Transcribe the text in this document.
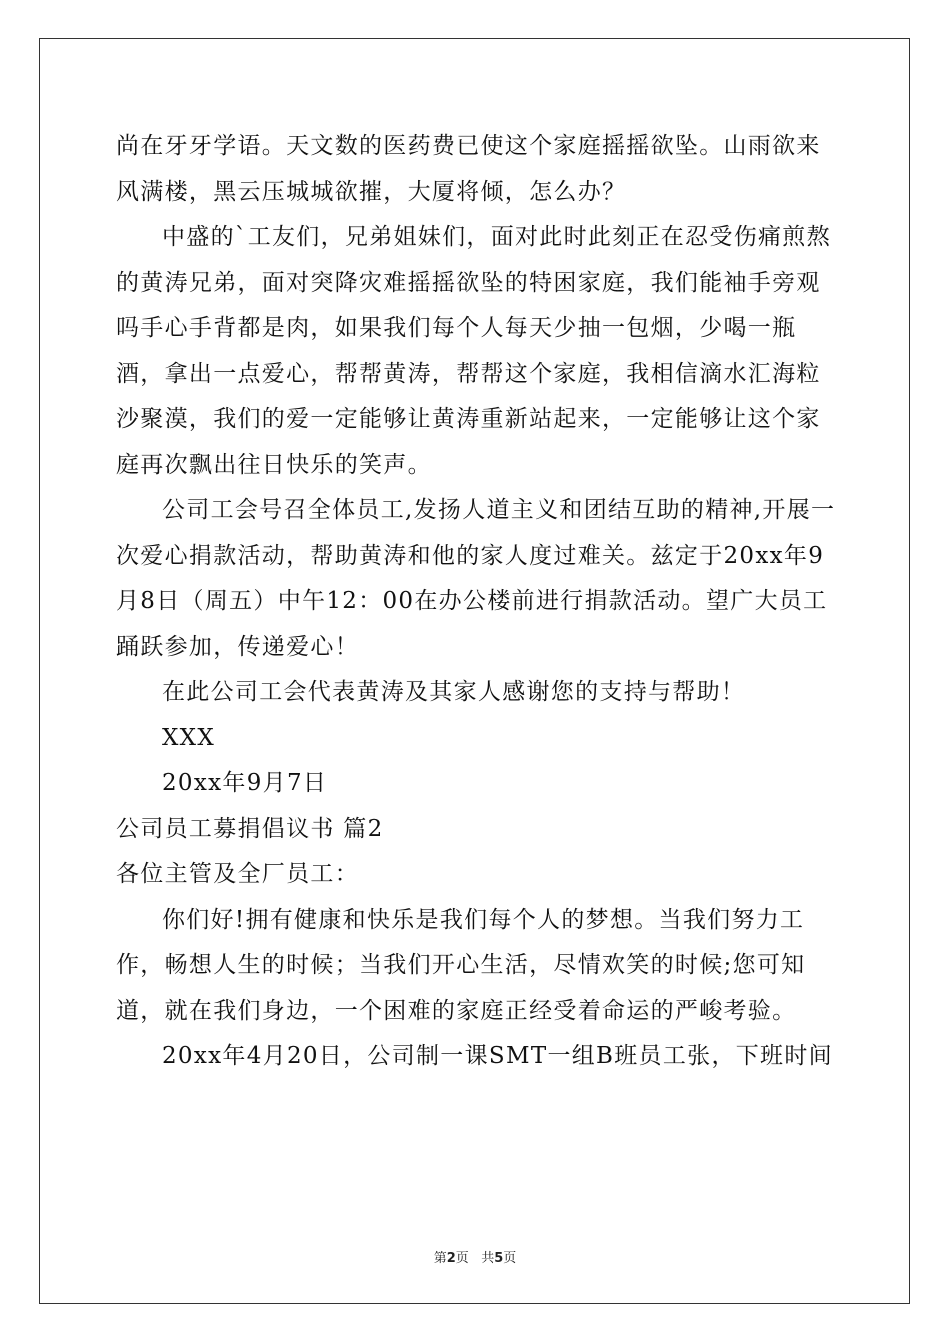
尚在牙牙学语。天文数的医药费已使这个家庭摇摇欲坠。山雨欲来风满楼，黑云压城城欲摧，大厦将倾，怎么办？

中盛的`工友们，兄弟姐妹们，面对此时此刻正在忍受伤痛煎熬的黄涛兄弟，面对突降灾难摇摇欲坠的特困家庭，我们能袖手旁观吗手心手背都是肉，如果我们每个人每天少抽一包烟，少喝一瓶酒，拿出一点爱心，帮帮黄涛，帮帮这个家庭，我相信滴水汇海粒沙聚漠，我们的爱一定能够让黄涛重新站起来，一定能够让这个家庭再次飘出往日快乐的笑声。

公司工会号召全体员工,发扬人道主义和团结互助的精神,开展一次爱心捐款活动，帮助黄涛和他的家人度过难关。兹定于20xx年9月8日（周五）中午12：00在办公楼前进行捐款活动。望广大员工踊跃参加，传递爱心！

在此公司工会代表黄涛及其家人感谢您的支持与帮助！

XXX

20xx年9月7日

公司员工募捐倡议书 篇2

各位主管及全厂员工：

你们好!拥有健康和快乐是我们每个人的梦想。当我们努力工作，畅想人生的时候；当我们开心生活，尽情欢笑的时候;您可知道，就在我们身边，一个困难的家庭正经受着命运的严峻考验。

20xx年4月20日，公司制一课SMT一组B班员工张，下班时间

第2页 共5页
